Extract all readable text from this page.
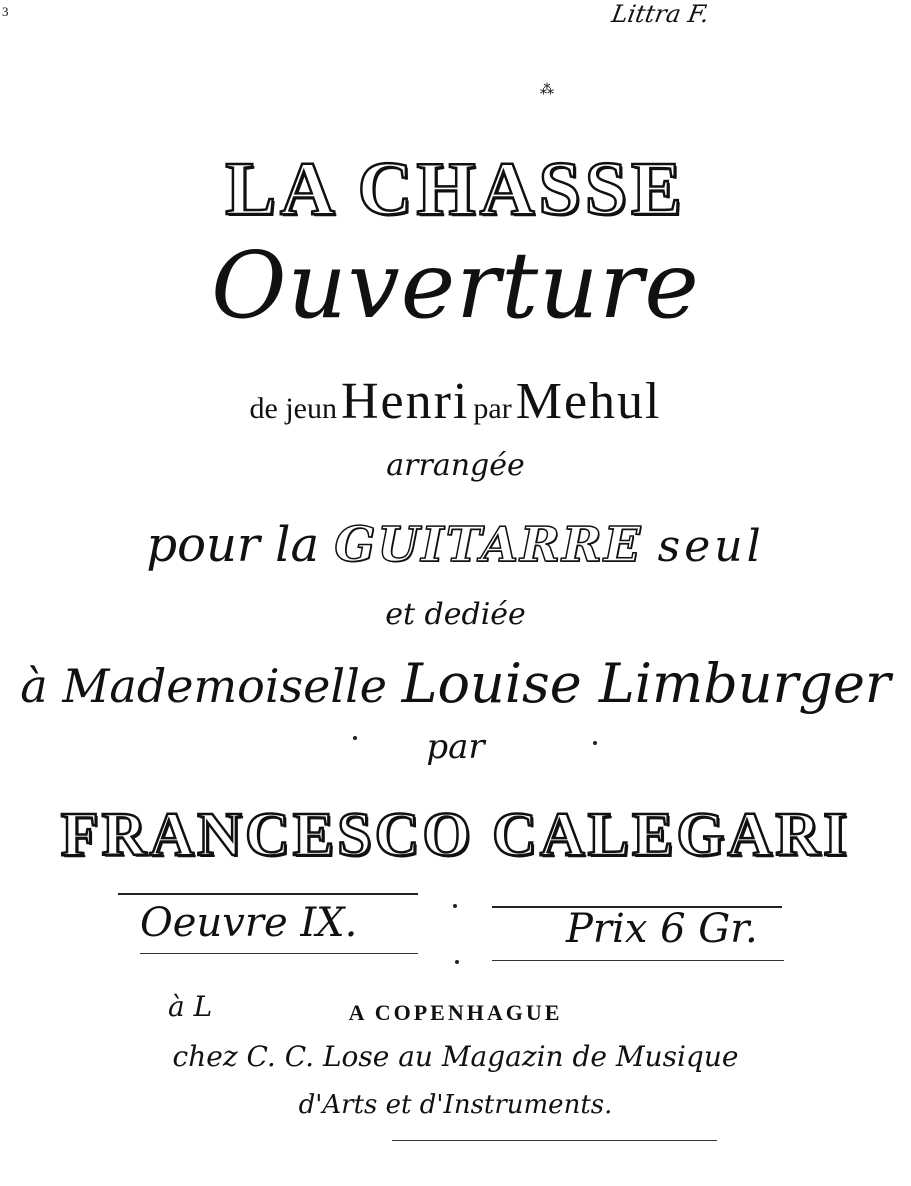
3	Littra F.
⁂
LA CHASSE
Ouverture
de jeun Henri par Mehul
arrangée
pour la GUITARRE seul
et dediée
à Mademoiselle Louise Limburger
par
FRANCESCO CALEGARI
Oeuvre IX.	Prix 6 Gr.
à L	A COPENHAGUE
chez C. C. Lose au Magazin de Musique
d'Arts et d'Instruments.
